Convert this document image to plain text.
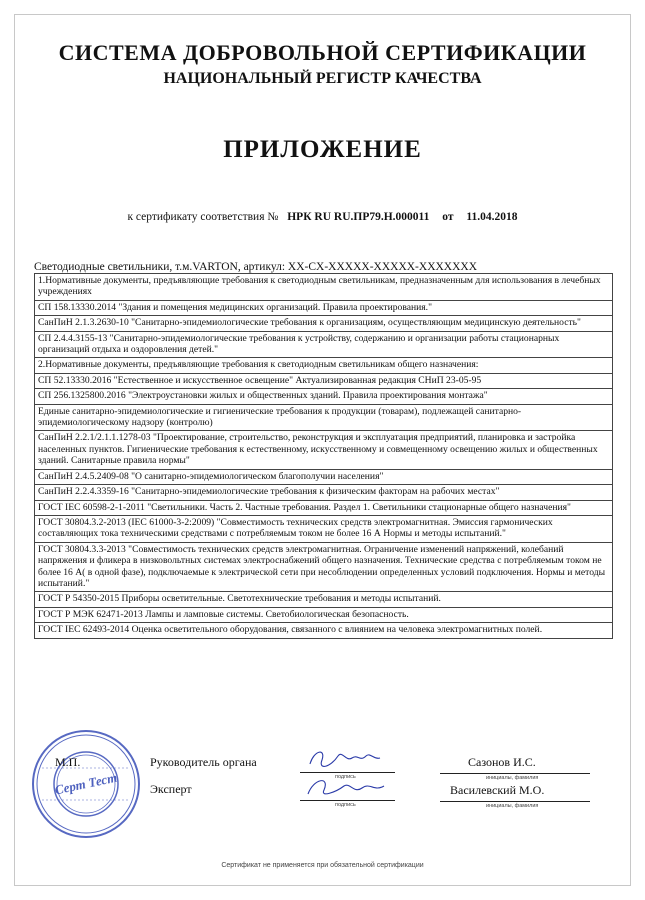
СИСТЕМА ДОБРОВОЛЬНОЙ СЕРТИФИКАЦИИ
НАЦИОНАЛЬНЫЙ РЕГИСТР КАЧЕСТВА
ПРИЛОЖЕНИЕ
к сертификату соответствия № НРК RU RU.ПР79.Н.000011 от 11.04.2018
Светодиодные светильники, т.м.VARTON, артикул: XX-CX-XXXXX-XXXXX-XXXXXXX
1.Нормативные документы, предъявляющие требования к светодиодным светильникам, предназначенным для использования в лечебных учреждениях
СП 158.13330.2014 "Здания и помещения медицинских организаций. Правила проектирования."
СанПиН 2.1.3.2630-10 "Санитарно-эпидемиологические требования к организациям, осуществляющим медицинскую деятельность"
СП 2.4.4.3155-13 "Санитарно-эпидемиологические требования к устройству, содержанию и организации работы стационарных организаций отдыха и оздоровления детей."
2.Нормативные документы, предъявляющие требования к светодиодным светильникам общего назначения:
СП 52.13330.2016 "Естественное и искусственное освещение" Актуализированная редакция СНиП 23-05-95
СП 256.1325800.2016 "Электроустановки жилых и общественных зданий. Правила проектирования монтажа"
Единые санитарно-эпидемиологические и гигиенические требования к продукции (товарам), подлежащей санитарно-эпидемиологическому надзору (контролю)
СанПиН 2.2.1/2.1.1.1278-03 "Проектирование, строительство, реконструкция и эксплуатация предприятий, планировка и застройка населенных пунктов. Гигиенические требования к естественному, искусственному и совмещенному освещению жилых и общественных зданий. Санитарные правила нормы"
СанПиН 2.4.5.2409-08 "О санитарно-эпидемиологическом благополучии населения"
СанПиН 2.2.4.3359-16 "Санитарно-эпидемиологические требования к физическим факторам на рабочих местах"
ГОСТ IEC 60598-2-1-2011 "Светильники. Часть 2. Частные требования. Раздел 1. Светильники стационарные общего назначения"
ГОСТ 30804.3.2-2013 (IEC 61000-3-2:2009) "Совместимость технических средств электромагнитная. Эмиссия гармонических составляющих тока техническими средствами с потребляемым током не более 16 А Нормы и методы испытаний."
ГОСТ 30804.3.3-2013 "Совместимость технических средств электромагнитная. Ограничение изменений напряжений, колебаний напряжения и фликера в низковольтных системах электроснабжений общего назначения. Технические средства с потребляемым током не более 16 А( в одной фазе), подключаемые к электрической сети при несоблюдении определенных условий подключения. Нормы и методы испытаний."
ГОСТ Р 54350-2015 Приборы осветительные. Светотехнические требования и методы испытаний.
ГОСТ Р МЭК 62471-2013 Лампы и ламповые системы. Светобиологическая безопасность.
ГОСТ IEC 62493-2014 Оценка осветительного оборудования, связанного с влиянием на человека электромагнитных полей.
Серт Тест
М.П.	Руководитель органа
Эксперт
подпись
подпись
Сазонов И.С.
инициалы, фамилия
Василевский М.О.
инициалы, фамилия
Сертификат не применяется при обязательной сертификации
